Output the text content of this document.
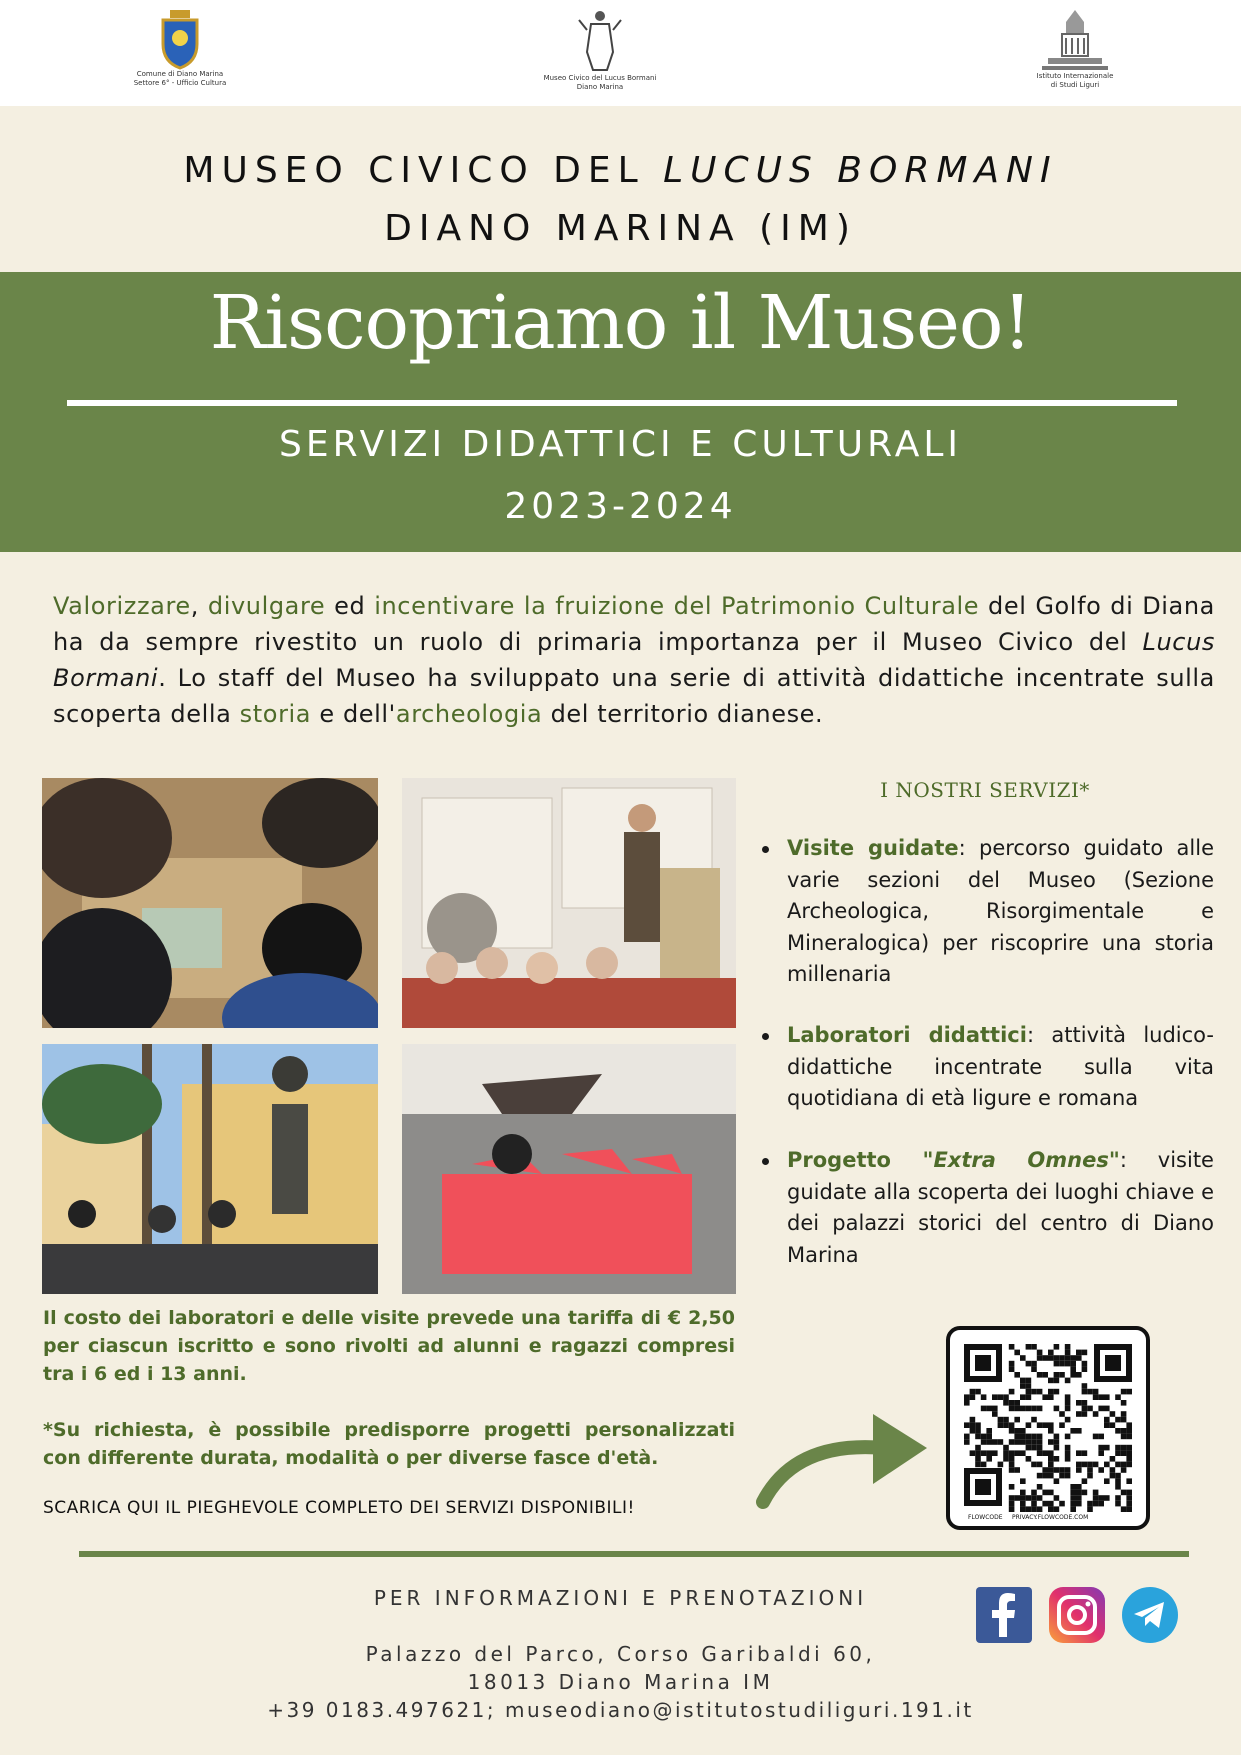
Comune di Diano Marina
Settore 6° - Ufficio Cultura
Museo Civico del Lucus Bormani
Diano Marina
Istituto Internazionale
di Studi Liguri
MUSEO CIVICO DEL LUCUS BORMANI
DIANO MARINA (IM)
Riscopriamo il Museo!
SERVIZI DIDATTICI E CULTURALI
2023-2024
Valorizzare, divulgare ed incentivare la fruizione del Patrimonio Culturale del Golfo di Diana ha da sempre rivestito un ruolo di primaria importanza per il Museo Civico del Lucus Bormani. Lo staff del Museo ha sviluppato una serie di attività didattiche incentrate sulla scoperta della storia e dell'archeologia del territorio dianese.
I NOSTRI SERVIZI*
Visite guidate: percorso guidato alle varie sezioni del Museo (Sezione Archeologica, Risorgimentale e Mineralogica) per riscoprire una storia millenaria
Laboratori didattici: attività ludico-didattiche incentrate sulla vita quotidiana di età ligure e romana
Progetto "Extra Omnes": visite guidate alla scoperta dei luoghi chiave e dei palazzi storici del centro di Diano Marina
Il costo dei laboratori e delle visite prevede una tariffa di € 2,50 per ciascun iscritto e sono rivolti ad alunni e ragazzi compresi tra i 6 ed i 13 anni.
*Su richiesta, è possibile predisporre progetti personalizzati con differente durata, modalità o per diverse fasce d'età.
SCARICA QUI IL PIEGHEVOLE COMPLETO DEI SERVIZI DISPONIBILI!	FLOWCODE PRIVACY.FLOWCODE.COM
PER INFORMAZIONI E PRENOTAZIONI
Palazzo del Parco, Corso Garibaldi 60,
18013 Diano Marina IM
+39 0183.497621; museodiano@istitutostudiliguri.191.it
